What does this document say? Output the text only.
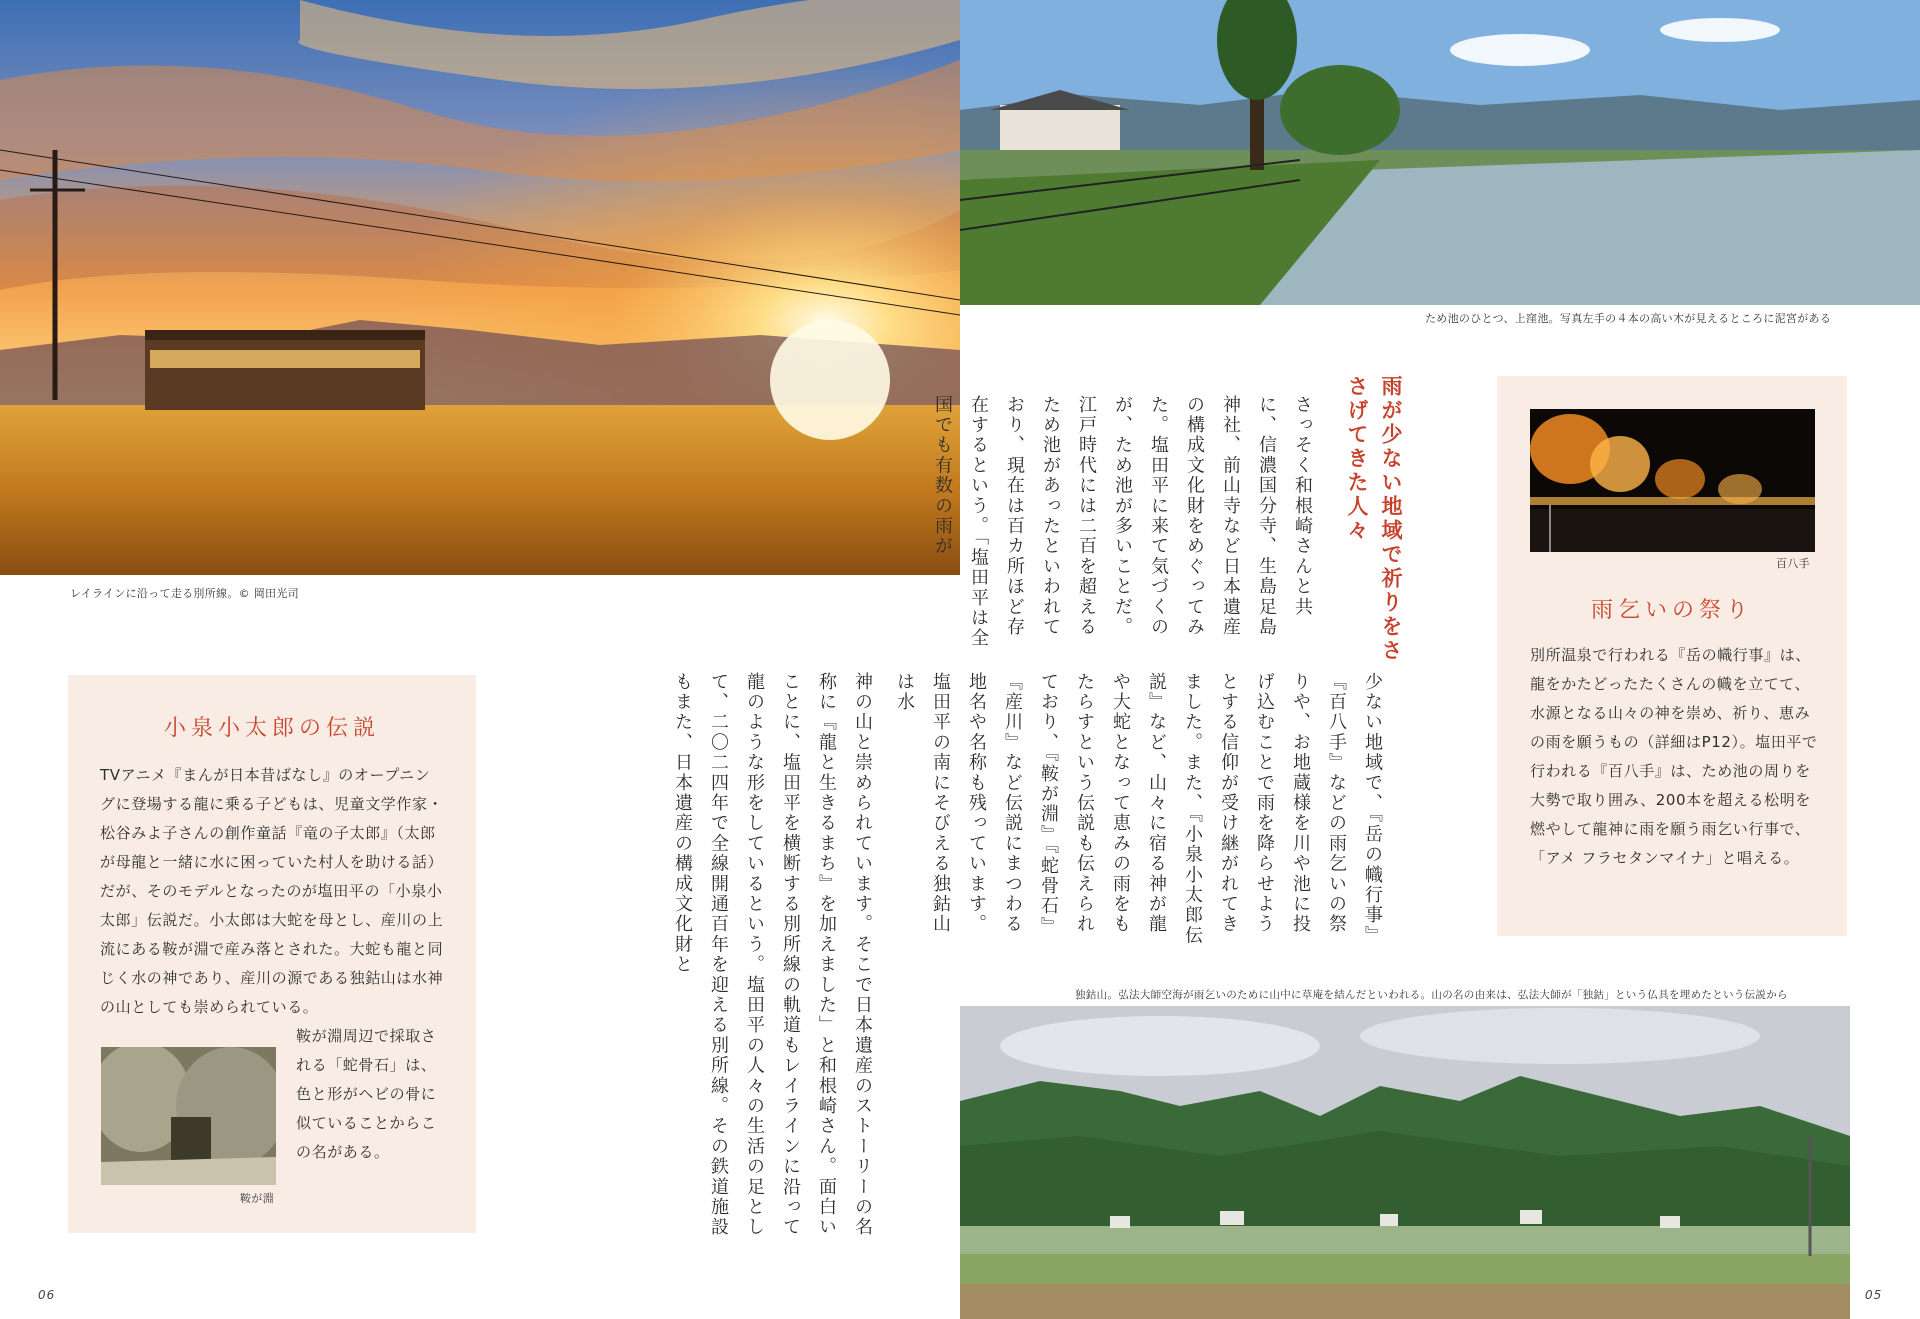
レイラインに沿って走る別所線。© 岡田光司
ため池のひとつ、上窪池。写真左手の４本の高い木が見えるところに泥宮がある
小泉小太郎の伝説
TVアニメ『まんが日本昔ばなし』のオープニングに登場する龍に乗る子どもは、児童文学作家・松谷みよ子さんの創作童話『竜の子太郎』（太郎が母龍と一緒に水に困っていた村人を助ける話）だが、そのモデルとなったのが塩田平の「小泉小太郎」伝説だ。小太郎は大蛇を母とし、産川の上流にある鞍が淵で産み落とされた。大蛇も龍と同じく水の神であり、産川の源である独鈷山は水神の山としても崇められている。
鞍が淵
鞍が淵周辺で採取される「蛇骨石」は、色と形がヘビの骨に似ていることからこの名がある。	神の山と崇められています。そこで日本遺産のストーリーの名称に『龍と生きるまち』を加えました」と和根崎さん。面白いことに、塩田平を横断する別所線の軌道もレイラインに沿って龍のような形をしているという。塩田平の人々の生活の足として、二〇二四年で全線開通百年を迎える別所線。その鉄道施設もまた、日本遺産の構成文化財と
雨が少ない地域で祈りをささげてきた人々
さっそく和根崎さんと共に、信濃国分寺、生島足島神社、前山寺など日本遺産の構成文化財をめぐってみた。塩田平に来て気づくのが、ため池が多いことだ。江戸時代には二百を超えるため池があったといわれており、現在は百カ所ほど存在するという。「塩田平は全国でも有数の雨が
少ない地域で、『岳の幟行事』『百八手』などの雨乞いの祭りや、お地蔵様を川や池に投げ込むことで雨を降らせようとする信仰が受け継がれてきました。また、『小泉小太郎伝説』など、山々に宿る神が龍や大蛇となって恵みの雨をもたらすという伝説も伝えられており、『鞍が淵』『蛇骨石』『産川』など伝説にまつわる地名や名称も残っています。塩田平の南にそびえる独鈷山は水
百八手
雨乞いの祭り
別所温泉で行われる『岳の幟行事』は、龍をかたどったたくさんの幟を立てて、水源となる山々の神を崇め、祈り、恵みの雨を願うもの（詳細はP12）。塩田平で行われる『百八手』は、ため池の周りを大勢で取り囲み、200本を超える松明を燃やして龍神に雨を願う雨乞い行事で、「アメ フラセタンマイナ」と唱える。
独鈷山。弘法大師空海が雨乞いのために山中に草庵を結んだといわれる。山の名の由来は、弘法大師が「独鈷」という仏具を埋めたという伝説から
06	05
